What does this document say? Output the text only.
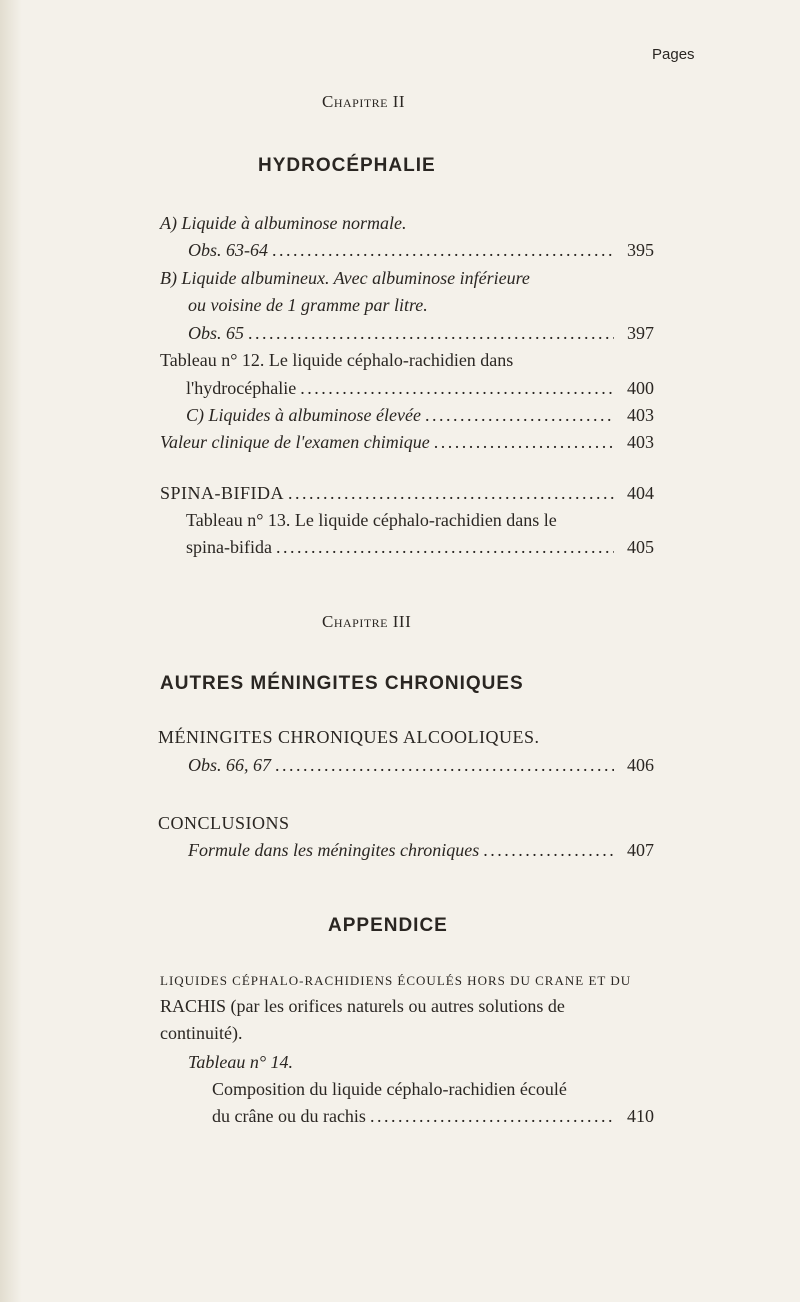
Pages
Chapitre II
HYDROCÉPHALIE
A) Liquide à albuminose normale.
Obs. 63-64 . . .	395
B) Liquide albumineux. Avec albuminose inférieure
ou voisine de 1 gramme par litre.
Obs. 65 . . .	397
Tableau n° 12. Le liquide céphalo-rachidien dans
l'hydrocéphalie . . .	400
C) Liquides à albuminose élevée . . .	403
Valeur clinique de l'examen chimique . . .	403
SPINA-BIFIDA . . .	404
Tableau n° 13. Le liquide céphalo-rachidien dans le
spina-bifida . . .	405
Chapitre III
AUTRES MÉNINGITES CHRONIQUES
MÉNINGITES CHRONIQUES ALCOOLIQUES.
Obs. 66, 67 . . .	406
CONCLUSIONS
Formule dans les méningites chroniques . . .	407
APPENDICE
LIQUIDES CÉPHALO-RACHIDIENS ÉCOULÉS HORS DU CRANE ET DU
RACHIS (par les orifices naturels ou autres solutions de
continuité).
Tableau n° 14.
Composition du liquide céphalo-rachidien écoulé
du crâne ou du rachis . . .	410
